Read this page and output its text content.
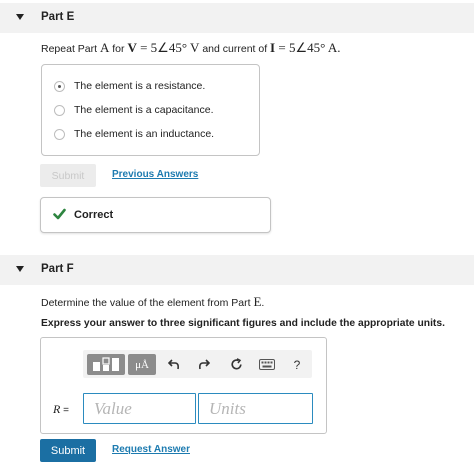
Part E
Repeat Part A for V = 5∠45° V and current of I = 5∠45° A.
The element is a resistance.
The element is a capacitance.
The element is an inductance.
Submit	Previous Answers
Correct
Part F
Determine the value of the element from Part E.
Express your answer to three significant figures and include the appropriate units.
μÅ	?
R =
Value
Units
Submit	Request Answer
